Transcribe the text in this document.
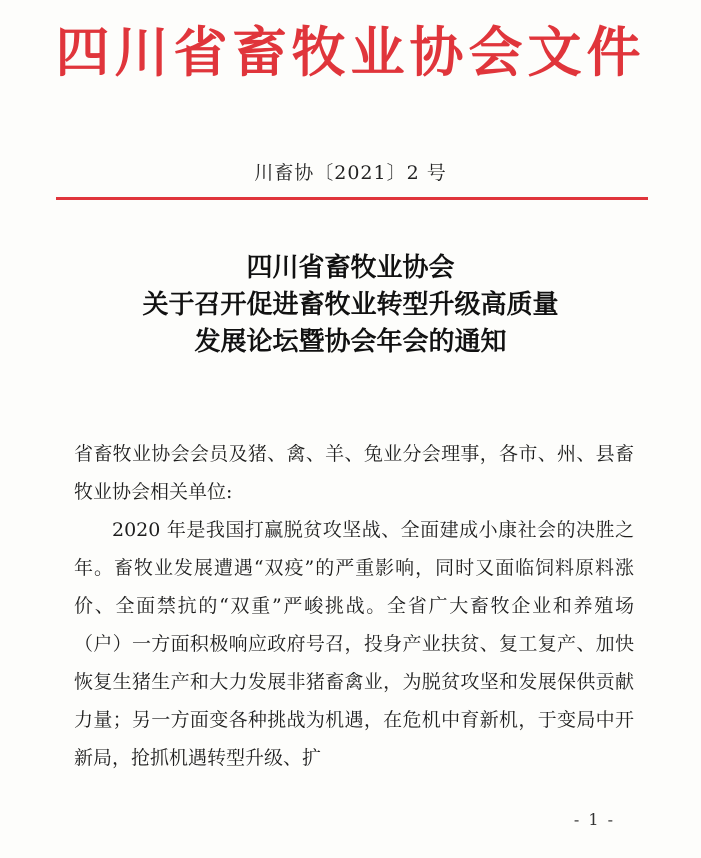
四川省畜牧业协会文件
川畜协〔2021〕2 号
四川省畜牧业协会
关于召开促进畜牧业转型升级高质量
发展论坛暨协会年会的通知

省畜牧业协会会员及猪、禽、羊、兔业分会理事，各市、州、县畜牧业协会相关单位:

2020 年是我国打赢脱贫攻坚战、全面建成小康社会的决胜之年。畜牧业发展遭遇“双疫”的严重影响，同时又面临饲料原料涨价、全面禁抗的“双重”严峻挑战。全省广大畜牧企业和养殖场（户）一方面积极响应政府号召，投身产业扶贫、复工复产、加快恢复生猪生产和大力发展非猪畜禽业，为脱贫攻坚和发展保供贡献力量；另一方面变各种挑战为机遇，在危机中育新机，于变局中开新局，抢抓机遇转型升级、扩

- 1 -
